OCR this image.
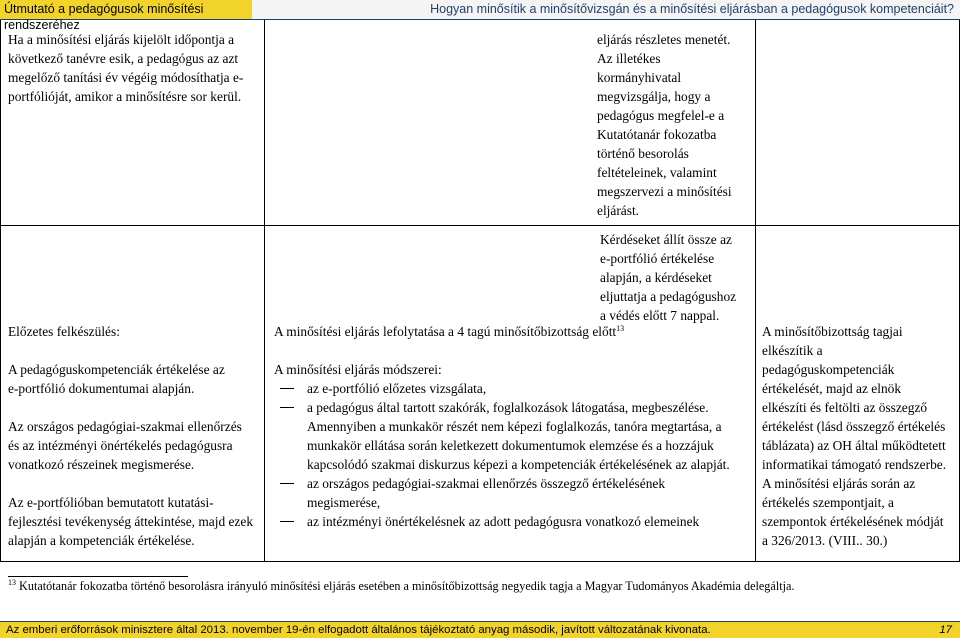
Útmutató a pedagógusok minősítési rendszeréhez
Hogyan minősítik a minősítővizsgán és a minősítési eljárásban a pedagógusok kompetenciáit?
Ha a minősítési eljárás kijelölt időpontja a
következő tanévre esik, a pedagógus az azt
megelőző tanítási év végéig módosíthatja e-
portfólióját, amikor a minősítésre sor kerül.
eljárás részletes menetét.
Az illetékes
kormányhivatal
megvizsgálja, hogy a
pedagógus megfelel-e a
Kutatótanár fokozatba
történő besorolás
feltételeinek, valamint
megszervezi a minősítési
eljárást.
Kérdéseket állít össze az
e-portfólió értékelése
alapján, a kérdéseket
eljuttatja a pedagógushoz
a védés előtt 7 nappal.

Előzetes felkészülés:

A pedagóguskompetenciák értékelése az
e-portfólió dokumentumai alapján.
Az országos pedagógiai-szakmai ellenőrzés
és az intézményi önértékelés pedagógusra
vonatkozó részeinek megismerése.
Az e-portfólióban bemutatott kutatási-
fejlesztési tevékenység áttekintése, majd ezek
alapján a kompetenciák értékelése.

A minősítési eljárás lefolytatása a 4 tagú minősítőbizottság előtt$^{13}$

A minősítési eljárás módszerei:

az e-portfólió előzetes vizsgálata,
a pedagógus által tartott szakórák, foglalkozások látogatása, megbeszélése.
Amennyiben a munkakör részét nem képezi foglalkozás, tanóra megtartása, a
munkakör ellátása során keletkezett dokumentumok elemzése és a hozzájuk
kapcsolódó szakmai diskurzus képezi a kompetenciák értékelésének az alapját.
az országos pedagógiai-szakmai ellenőrzés összegző értékelésének
megismerése,
az intézményi önértékelésnek az adott pedagógusra vonatkozó elemeinek
A minősítőbizottság tagjai
elkészítik a
pedagóguskompetenciák
értékelését, majd az elnök
elkészíti és feltölti az összegző
értékelést (lásd összegző értékelés
táblázata) az OH által működtetett
informatikai támogató rendszerbe.
A minősítési eljárás során az
értékelés szempontjait, a
szempontok értékelésének módját
a 326/2013. (VIII.. 30.)
$^{13}$ Kutatótanár fokozatba történő besorolásra irányuló minősítési eljárás esetében a minősítőbizottság negyedik tagja a Magyar Tudományos Akadémia delegáltja.
Az emberi erőforrások minisztere által 2013. november 19-én elfogadott általános tájékoztató anyag második, javított változatának kivonata.	17
